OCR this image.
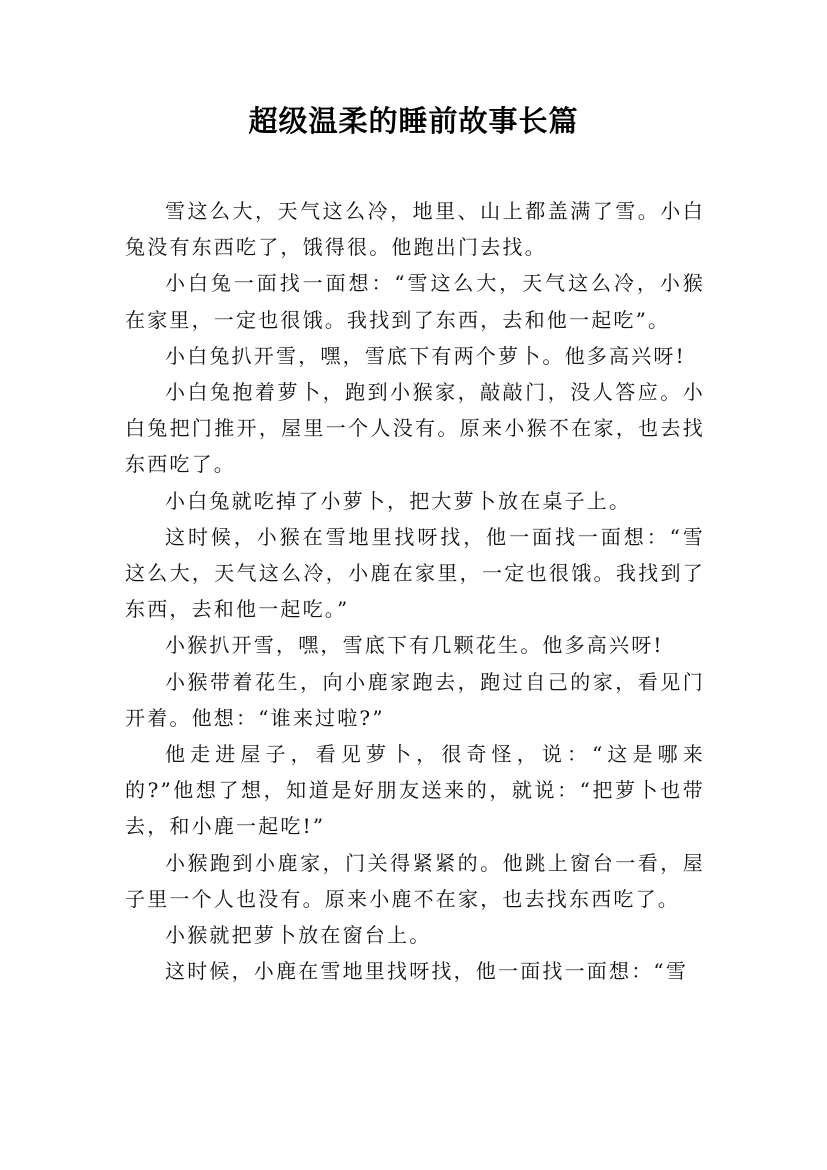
超级温柔的睡前故事长篇

雪这么大，天气这么冷，地里、山上都盖满了雪。小白兔没有东西吃了，饿得很。他跑出门去找。

小白兔一面找一面想：“雪这么大，天气这么冷，小猴在家里，一定也很饿。我找到了东西，去和他一起吃”。

小白兔扒开雪，嘿，雪底下有两个萝卜。他多高兴呀!

小白兔抱着萝卜，跑到小猴家，敲敲门，没人答应。小白兔把门推开，屋里一个人没有。原来小猴不在家，也去找东西吃了。

小白兔就吃掉了小萝卜，把大萝卜放在桌子上。

这时候，小猴在雪地里找呀找，他一面找一面想：“雪这么大，天气这么冷，小鹿在家里，一定也很饿。我找到了东西，去和他一起吃。”

小猴扒开雪，嘿，雪底下有几颗花生。他多高兴呀!

小猴带着花生，向小鹿家跑去，跑过自己的家，看见门开着。他想：“谁来过啦?”

他走进屋子，看见萝卜，很奇怪，说：“这是哪来的?”他想了想，知道是好朋友送来的，就说：“把萝卜也带去，和小鹿一起吃!”

小猴跑到小鹿家，门关得紧紧的。他跳上窗台一看，屋子里一个人也没有。原来小鹿不在家，也去找东西吃了。

小猴就把萝卜放在窗台上。

这时候，小鹿在雪地里找呀找，他一面找一面想：“雪
